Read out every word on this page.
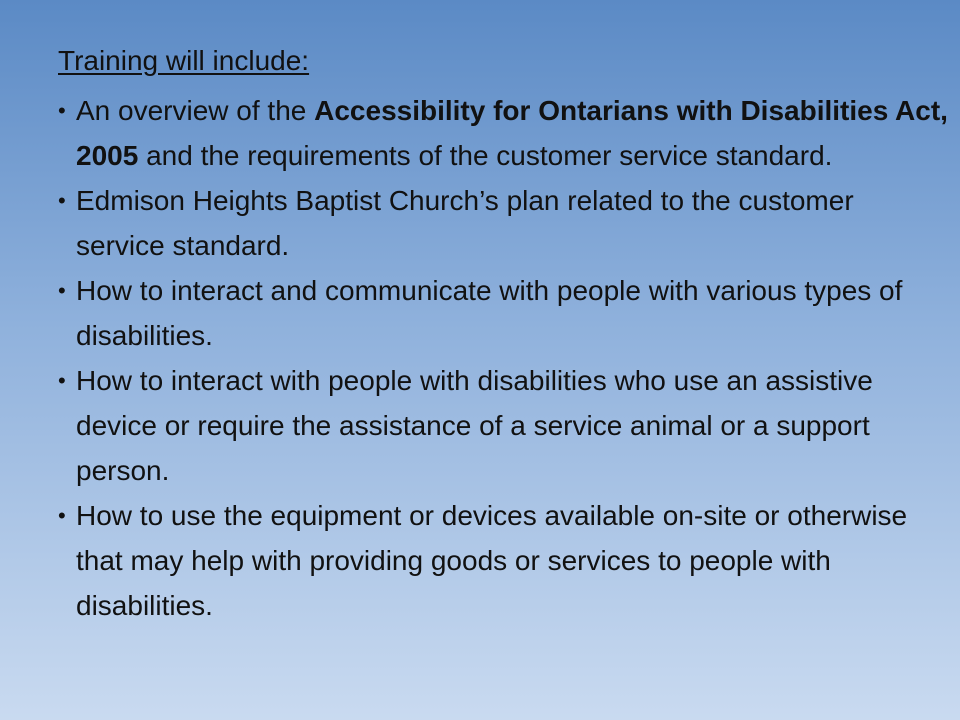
Training will include:
• An overview of the Accessibility for Ontarians with Disabilities Act, 2005 and the requirements of the customer service standard.
• Edmison Heights Baptist Church’s plan related to the customer service standard.
• How to interact and communicate with people with various types of disabilities.
• How to interact with people with disabilities who use an assistive device or require the assistance of a service animal or a support person.
• How to use the equipment or devices available on-site or otherwise that may help with providing goods or services to people with disabilities.
